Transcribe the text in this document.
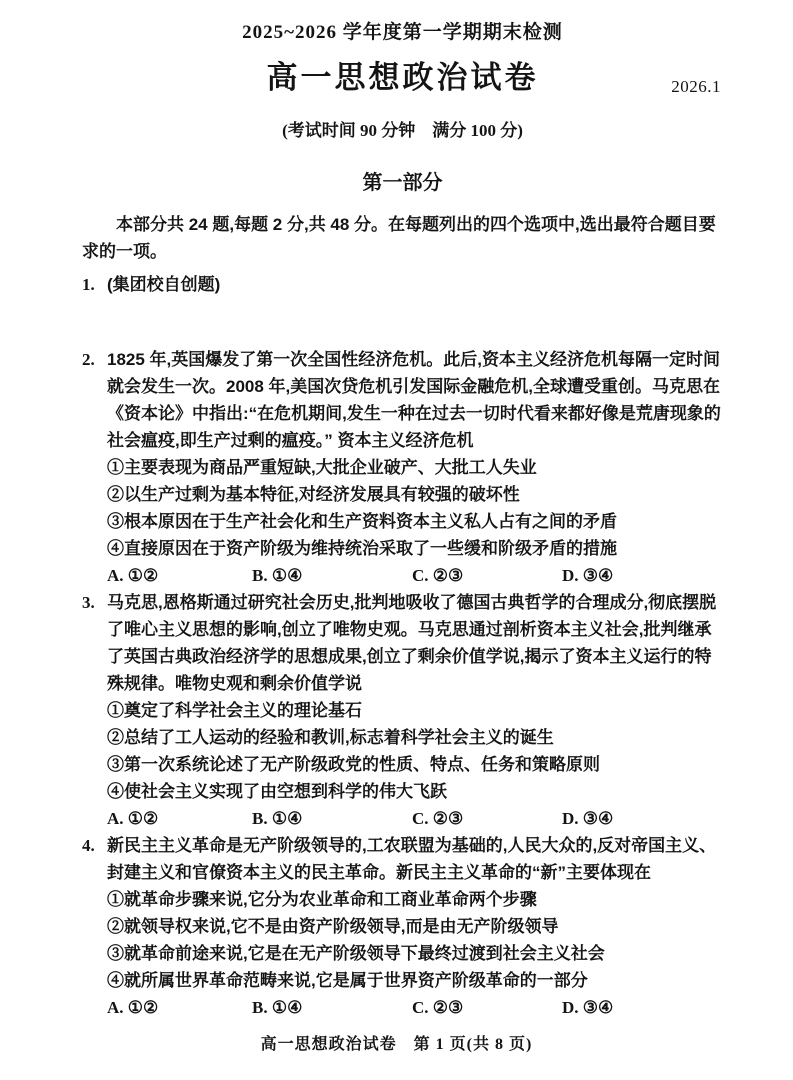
2025~2026 学年度第一学期期末检测
高一思想政治试卷	2026.1
(考试时间 90 分钟　满分 100 分)
第一部分

本部分共 24 题,每题 2 分,共 48 分。在每题列出的四个选项中,选出最符合题目要求的一项。

1. (集团校自创题)
2. 1825 年,英国爆发了第一次全国性经济危机。此后,资本主义经济危机每隔一定时间就会发生一次。2008 年,美国次贷危机引发国际金融危机,全球遭受重创。马克思在《资本论》中指出:“在危机期间,发生一种在过去一切时代看来都好像是荒唐现象的社会瘟疫,即生产过剩的瘟疫。” 资本主义经济危机
①主要表现为商品严重短缺,大批企业破产、大批工人失业
②以生产过剩为基本特征,对经济发展具有较强的破坏性
③根本原因在于生产社会化和生产资料资本主义私人占有之间的矛盾
④直接原因在于资产阶级为维持统治采取了一些缓和阶级矛盾的措施
A. ①②	B. ①④	C. ②③	D. ③④
3. 马克思,恩格斯通过研究社会历史,批判地吸收了德国古典哲学的合理成分,彻底摆脱了唯心主义思想的影响,创立了唯物史观。马克思通过剖析资本主义社会,批判继承了英国古典政治经济学的思想成果,创立了剩余价值学说,揭示了资本主义运行的特殊规律。唯物史观和剩余价值学说
①奠定了科学社会主义的理论基石
②总结了工人运动的经验和教训,标志着科学社会主义的诞生
③第一次系统论述了无产阶级政党的性质、特点、任务和策略原则
④使社会主义实现了由空想到科学的伟大飞跃
A. ①②	B. ①④	C. ②③	D. ③④
4. 新民主主义革命是无产阶级领导的,工农联盟为基础的,人民大众的,反对帝国主义、封建主义和官僚资本主义的民主革命。新民主主义革命的“新”主要体现在
①就革命步骤来说,它分为农业革命和工商业革命两个步骤
②就领导权来说,它不是由资产阶级领导,而是由无产阶级领导
③就革命前途来说,它是在无产阶级领导下最终过渡到社会主义社会
④就所属世界革命范畴来说,它是属于世界资产阶级革命的一部分
A. ①②	B. ①④	C. ②③	D. ③④
高一思想政治试卷　第 1 页(共 8 页)
